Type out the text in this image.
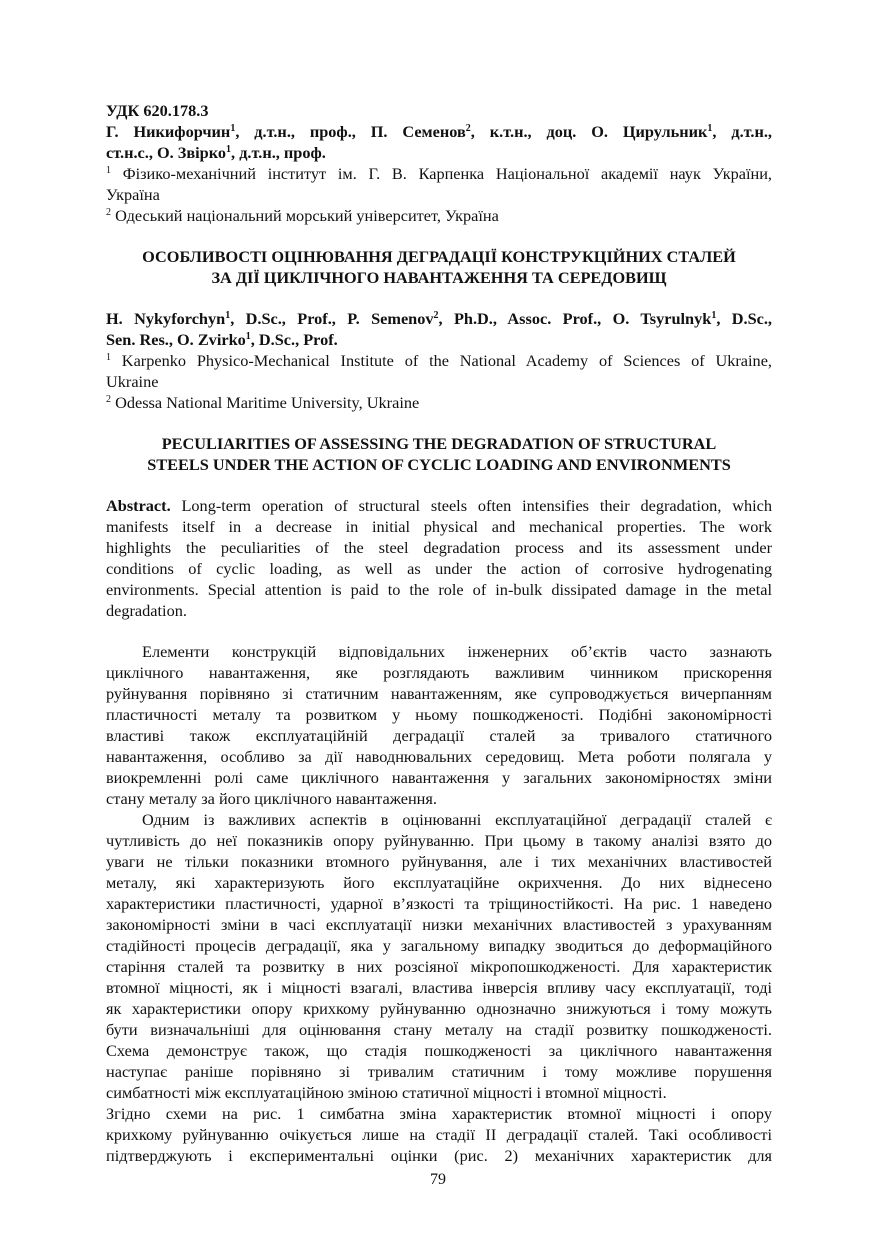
УДК 620.178.3
Г. Никифорчин$^1$, д.т.н., проф., П. Семенов$^2$, к.т.н., доц. О. Цирульник$^1$, д.т.н.,
ст.н.с., О. Звірко$^1$, д.т.н., проф.
$^1$ Фізико-механічний інститут ім. Г. В. Карпенка Національної академії наук України,
Україна
$^2$ Одеський національний морський університет, Україна
ОСОБЛИВОСТІ ОЦІНЮВАННЯ ДЕГРАДАЦІЇ КОНСТРУКЦІЙНИХ СТАЛЕЙ
ЗА ДІЇ ЦИКЛІЧНОГО НАВАНТАЖЕННЯ ТА СЕРЕДОВИЩ
H. Nykyforchyn$^1$, D.Sc., Prof., P. Semenov$^2$, Ph.D., Assoc. Prof., O. Tsyrulnyk$^1$, D.Sc.,
Sen. Res., O. Zvirko$^1$, D.Sc., Prof.
$^1$ Karpenko Physico-Mechanical Institute of the National Academy of Sciences of Ukraine,
Ukraine
$^2$ Odessa National Maritime University, Ukraine
PECULIARITIES OF ASSESSING THE DEGRADATION OF STRUCTURAL
STEELS UNDER THE ACTION OF CYCLIC LOADING AND ENVIRONMENTS
Abstract. Long-term operation of structural steels often intensifies their degradation, which
manifests itself in a decrease in initial physical and mechanical properties. The work
highlights the peculiarities of the steel degradation process and its assessment under
conditions of cyclic loading, as well as under the action of corrosive hydrogenating
environments. Special attention is paid to the role of in-bulk dissipated damage in the metal
degradation.
Елементи конструкцій відповідальних інженерних об’єктів часто зазнають
циклічного навантаження, яке розглядають важливим чинником прискорення
руйнування порівняно зі статичним навантаженням, яке супроводжується вичерпанням
пластичності металу та розвитком у ньому пошкодженості. Подібні закономірності
властиві також експлуатаційній деградації сталей за тривалого статичного
навантаження, особливо за дії наводнювальних середовищ. Мета роботи полягала у
виокремленні ролі саме циклічного навантаження у загальних закономірностях зміни
стану металу за його циклічного навантаження.
Одним із важливих аспектів в оцінюванні експлуатаційної деградації сталей є
чутливість до неї показників опору руйнуванню. При цьому в такому аналізі взято до
уваги не тільки показники втомного руйнування, але і тих механічних властивостей
металу, які характеризують його експлуатаційне окрихчення. До них віднесено
характеристики пластичності, ударної в’язкості та тріщиностійкості. На рис. 1 наведено
закономірності зміни в часі експлуатації низки механічних властивостей з урахуванням
стадійності процесів деградації, яка у загальному випадку зводиться до деформаційного
старіння сталей та розвитку в них розсіяної мікропошкодженості. Для характеристик
втомної міцності, як і міцності взагалі, властива інверсія впливу часу експлуатації, тоді
як характеристики опору крихкому руйнуванню однозначно знижуються і тому можуть
бути визначальніші для оцінювання стану металу на стадії розвитку пошкодженості.
Схема демонструє також, що стадія пошкодженості за циклічного навантаження
наступає раніше порівняно зі тривалим статичним і тому можливе порушення
симбатності між експлуатаційною зміною статичної міцності і втомної міцності.
Згідно схеми на рис. 1 симбатна зміна характеристик втомної міцності і опору
крихкому руйнуванню очікується лише на стадії II деградації сталей. Такі особливості
підтверджують і експериментальні оцінки (рис. 2) механічних характеристик для
79
